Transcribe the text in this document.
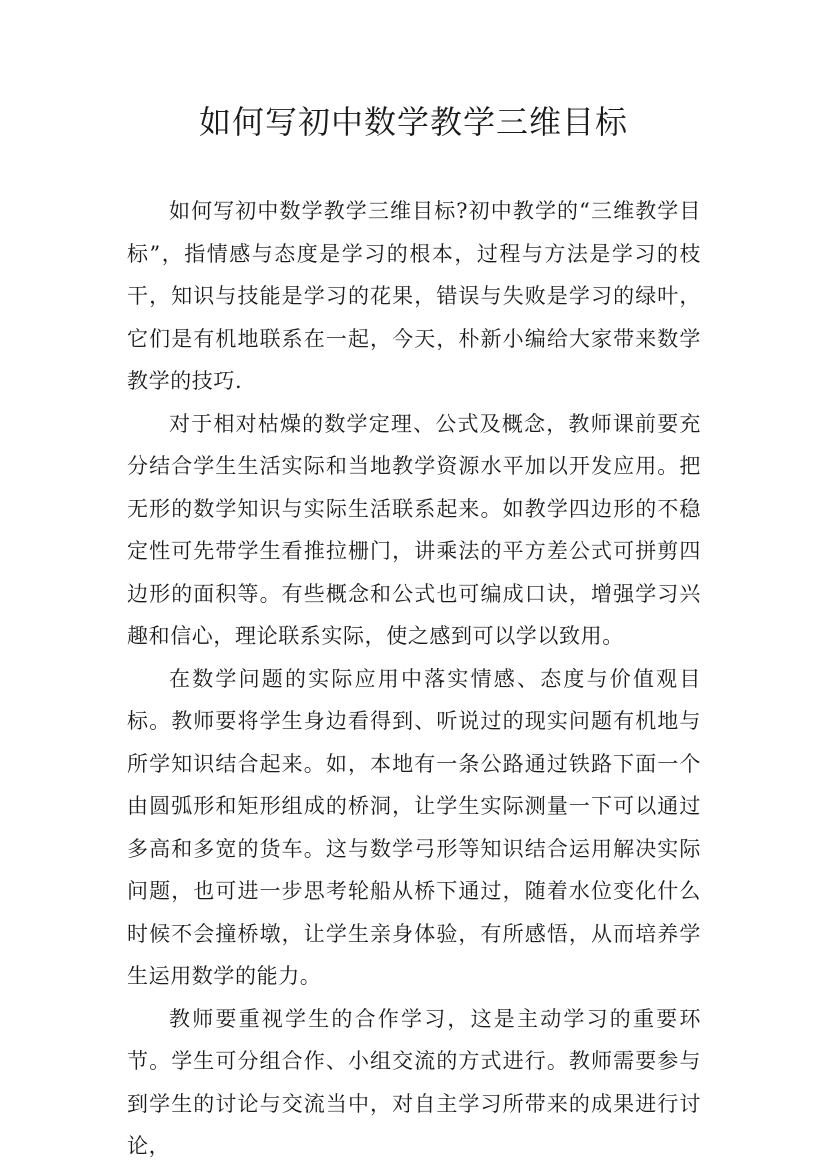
如何写初中数学教学三维目标

如何写初中数学教学三维目标?初中教学的“三维教学目标”，指情感与态度是学习的根本，过程与方法是学习的枝干，知识与技能是学习的花果，错误与失败是学习的绿叶，它们是有机地联系在一起，今天，朴新小编给大家带来数学教学的技巧.

对于相对枯燥的数学定理、公式及概念，教师课前要充分结合学生生活实际和当地教学资源水平加以开发应用。把无形的数学知识与实际生活联系起来。如教学四边形的不稳定性可先带学生看推拉栅门，讲乘法的平方差公式可拼剪四边形的面积等。有些概念和公式也可编成口诀，增强学习兴趣和信心，理论联系实际，使之感到可以学以致用。

在数学问题的实际应用中落实情感、态度与价值观目标。教师要将学生身边看得到、听说过的现实问题有机地与所学知识结合起来。如，本地有一条公路通过铁路下面一个由圆弧形和矩形组成的桥洞，让学生实际测量一下可以通过多高和多宽的货车。这与数学弓形等知识结合运用解决实际问题，也可进一步思考轮船从桥下通过，随着水位变化什么时候不会撞桥墩，让学生亲身体验，有所感悟，从而培养学生运用数学的能力。

教师要重视学生的合作学习，这是主动学习的重要环节。学生可分组合作、小组交流的方式进行。教师需要参与到学生的讨论与交流当中，对自主学习所带来的成果进行讨论，
